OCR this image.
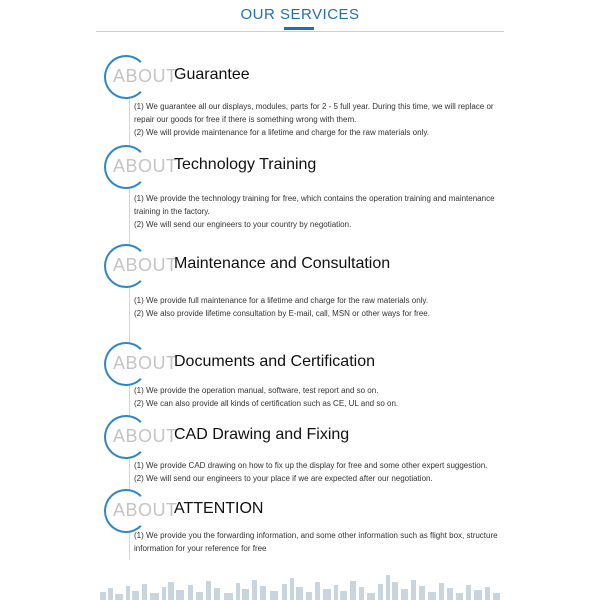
OUR SERVICES
ABOUT
Guarantee

(1) We guarantee all our displays, modules, parts for 2 - 5 full year. During this time, we will replace or repair our goods for free if there is something wrong with them.

(2) We will provide maintenance for a lifetime and charge for the raw materials only.

ABOUT
Technology Training

(1) We provide the technology training for free, which contains the operation training and maintenance training in the factory.

(2) We will send our engineers to your country by negotiation.

ABOUT
Maintenance and Consultation

(1) We provide full maintenance for a lifetime and charge for the raw materials only.

(2) We also provide lifetime consultation by E-mail, call, MSN or other ways for free.

ABOUT
Documents and Certification

(1) We provide the operation manual, software, test report and so on.

(2) We can also provide all kinds of certification such as CE, UL and so on.

ABOUT
CAD Drawing and Fixing

(1) We provide CAD drawing on how to fix up the display for free and some other expert suggestion.

(2) We will send our engineers to your place if we are expected after our negotiation.

ABOUT
ATTENTION

(1) We provide you the forwarding information, and some other information such as flight box, structure information for your reference for free
